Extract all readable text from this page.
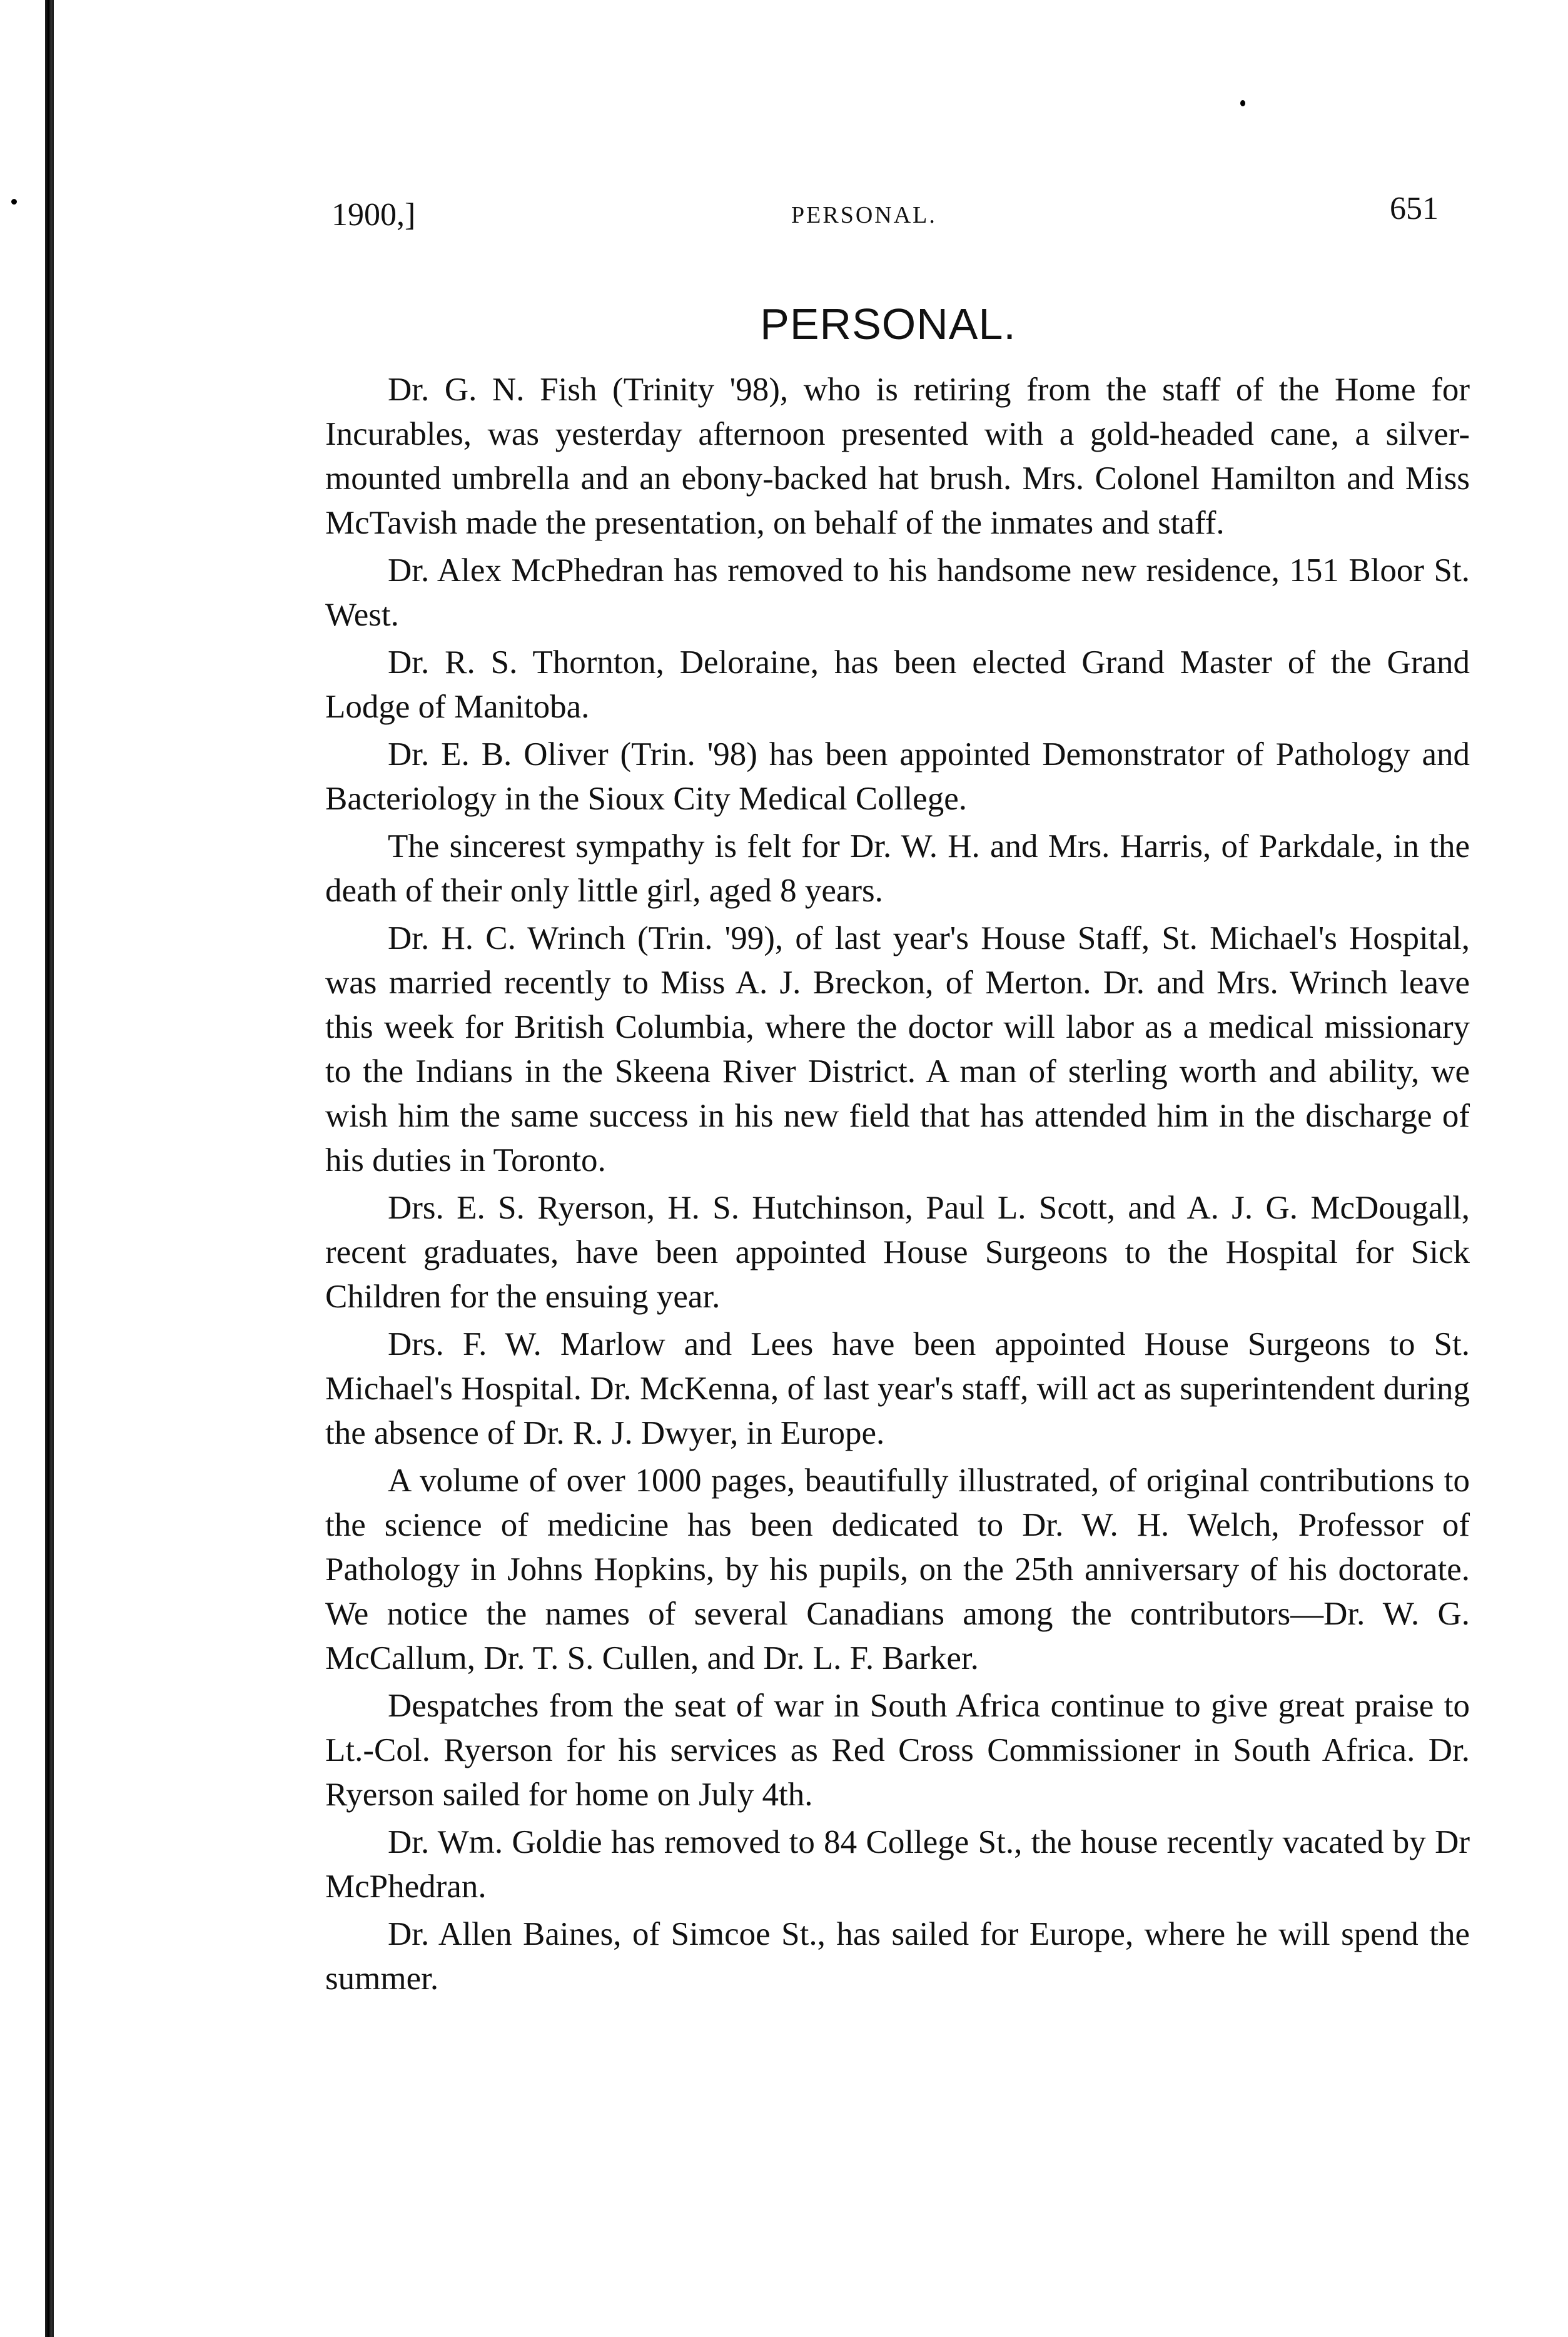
1900,]	PERSONAL.	651
PERSONAL.

Dr. G. N. Fish (Trinity '98), who is retiring from the staff of the Home for Incurables, was yesterday afternoon presented with a gold-headed cane, a silver-mounted umbrella and an ebony-backed hat brush. Mrs. Colonel Hamilton and Miss McTavish made the presentation, on behalf of the inmates and staff.

Dr. Alex McPhedran has removed to his handsome new residence, 151 Bloor St. West.

Dr. R. S. Thornton, Deloraine, has been elected Grand Master of the Grand Lodge of Manitoba.

Dr. E. B. Oliver (Trin. '98) has been appointed Demonstrator of Pathology and Bacteriology in the Sioux City Medical College.

The sincerest sympathy is felt for Dr. W. H. and Mrs. Harris, of Parkdale, in the death of their only little girl, aged 8 years.

Dr. H. C. Wrinch (Trin. '99), of last year's House Staff, St. Michael's Hospital, was married recently to Miss A. J. Breckon, of Merton. Dr. and Mrs. Wrinch leave this week for British Columbia, where the doctor will labor as a medical missionary to the Indians in the Skeena River District. A man of sterling worth and ability, we wish him the same success in his new field that has attended him in the discharge of his duties in Toronto.

Drs. E. S. Ryerson, H. S. Hutchinson, Paul L. Scott, and A. J. G. McDougall, recent graduates, have been appointed House Surgeons to the Hospital for Sick Children for the ensuing year.

Drs. F. W. Marlow and Lees have been appointed House Surgeons to St. Michael's Hospital. Dr. McKenna, of last year's staff, will act as superintendent during the absence of Dr. R. J. Dwyer, in Europe.

A volume of over 1000 pages, beautifully illustrated, of original contributions to the science of medicine has been dedicated to Dr. W. H. Welch, Professor of Pathology in Johns Hopkins, by his pupils, on the 25th anniversary of his doctorate. We notice the names of several Canadians among the contributors—Dr. W. G. McCallum, Dr. T. S. Cullen, and Dr. L. F. Barker.

Despatches from the seat of war in South Africa continue to give great praise to Lt.-Col. Ryerson for his services as Red Cross Commissioner in South Africa. Dr. Ryerson sailed for home on July 4th.

Dr. Wm. Goldie has removed to 84 College St., the house recently vacated by Dr McPhedran.

Dr. Allen Baines, of Simcoe St., has sailed for Europe, where he will spend the summer.
